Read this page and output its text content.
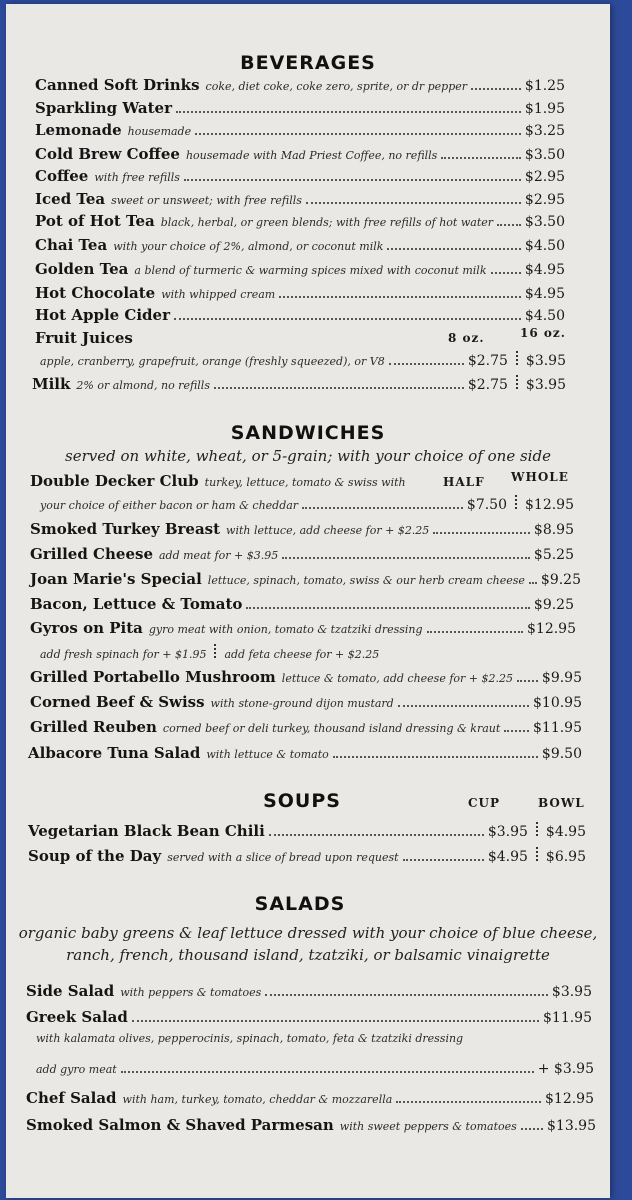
BEVERAGES
Canned Soft Drinks coke, diet coke, coke zero, sprite, or dr pepper	$1.25
Sparkling Water	$1.95
Lemonade housemade	$3.25
Cold Brew Coffee housemade with Mad Priest Coffee, no refills	$3.50
Coffee with free refills	$2.95
Iced Tea sweet or unsweet; with free refills	$2.95
Pot of Hot Tea black, herbal, or green blends; with free refills of hot water $3.50
Chai Tea with your choice of 2%, almond, or coconut milk	$4.50
Golden Tea a blend of turmeric & warming spices mixed with coconut milk	$4.95
Hot Chocolate with whipped cream	$4.95
Hot Apple Cider	$4.50
Fruit Juices	8 oz.	16 oz.
apple, cranberry, grapefruit, orange (freshly squeezed), or V8	$2.75 $3.95
Milk 2% or almond, no refills	$2.75 $3.95
SANDWICHES
served on white, wheat, or 5-grain; with your choice of one side
Double Decker Club turkey, lettuce, tomato & swiss with	HALF WHOLE
your choice of either bacon or ham & cheddar	$7.50 $12.95
Smoked Turkey Breast with lettuce, add cheese for + $2.25	$8.95
Grilled Cheese add meat for + $3.95	$5.25
Joan Marie's Special lettuce, spinach, tomato, swiss & our herb cream cheese $9.25
Bacon, Lettuce & Tomato	$9.25
Gyros on Pita gyro meat with onion, tomato & tzatziki dressing	$12.95
add fresh spinach for + $1.95 add feta cheese for + $2.25
Grilled Portabello Mushroom lettuce & tomato, add cheese for + $2.25 $9.95
Corned Beef & Swiss with stone-ground dijon mustard	$10.95
Grilled Reuben corned beef or deli turkey, thousand island dressing & kraut $11.95
Albacore Tuna Salad with lettuce & tomato	$9.50
SOUPS	CUP	BOWL
Vegetarian Black Bean Chili	$3.95 $4.95
Soup of the Day served with a slice of bread upon request	$4.95 $6.95
SALADS
organic baby greens & leaf lettuce dressed with your choice of blue cheese,
ranch, french, thousand island, tzatziki, or balsamic vinaigrette
Side Salad with peppers & tomatoes	$3.95
Greek Salad	$11.95
with kalamata olives, pepperocinis, spinach, tomato, feta & tzatziki dressing
add gyro meat	+ $3.95
Chef Salad with ham, turkey, tomato, cheddar & mozzarella	$12.95
Smoked Salmon & Shaved Parmesan with sweet peppers & tomatoes $13.95
